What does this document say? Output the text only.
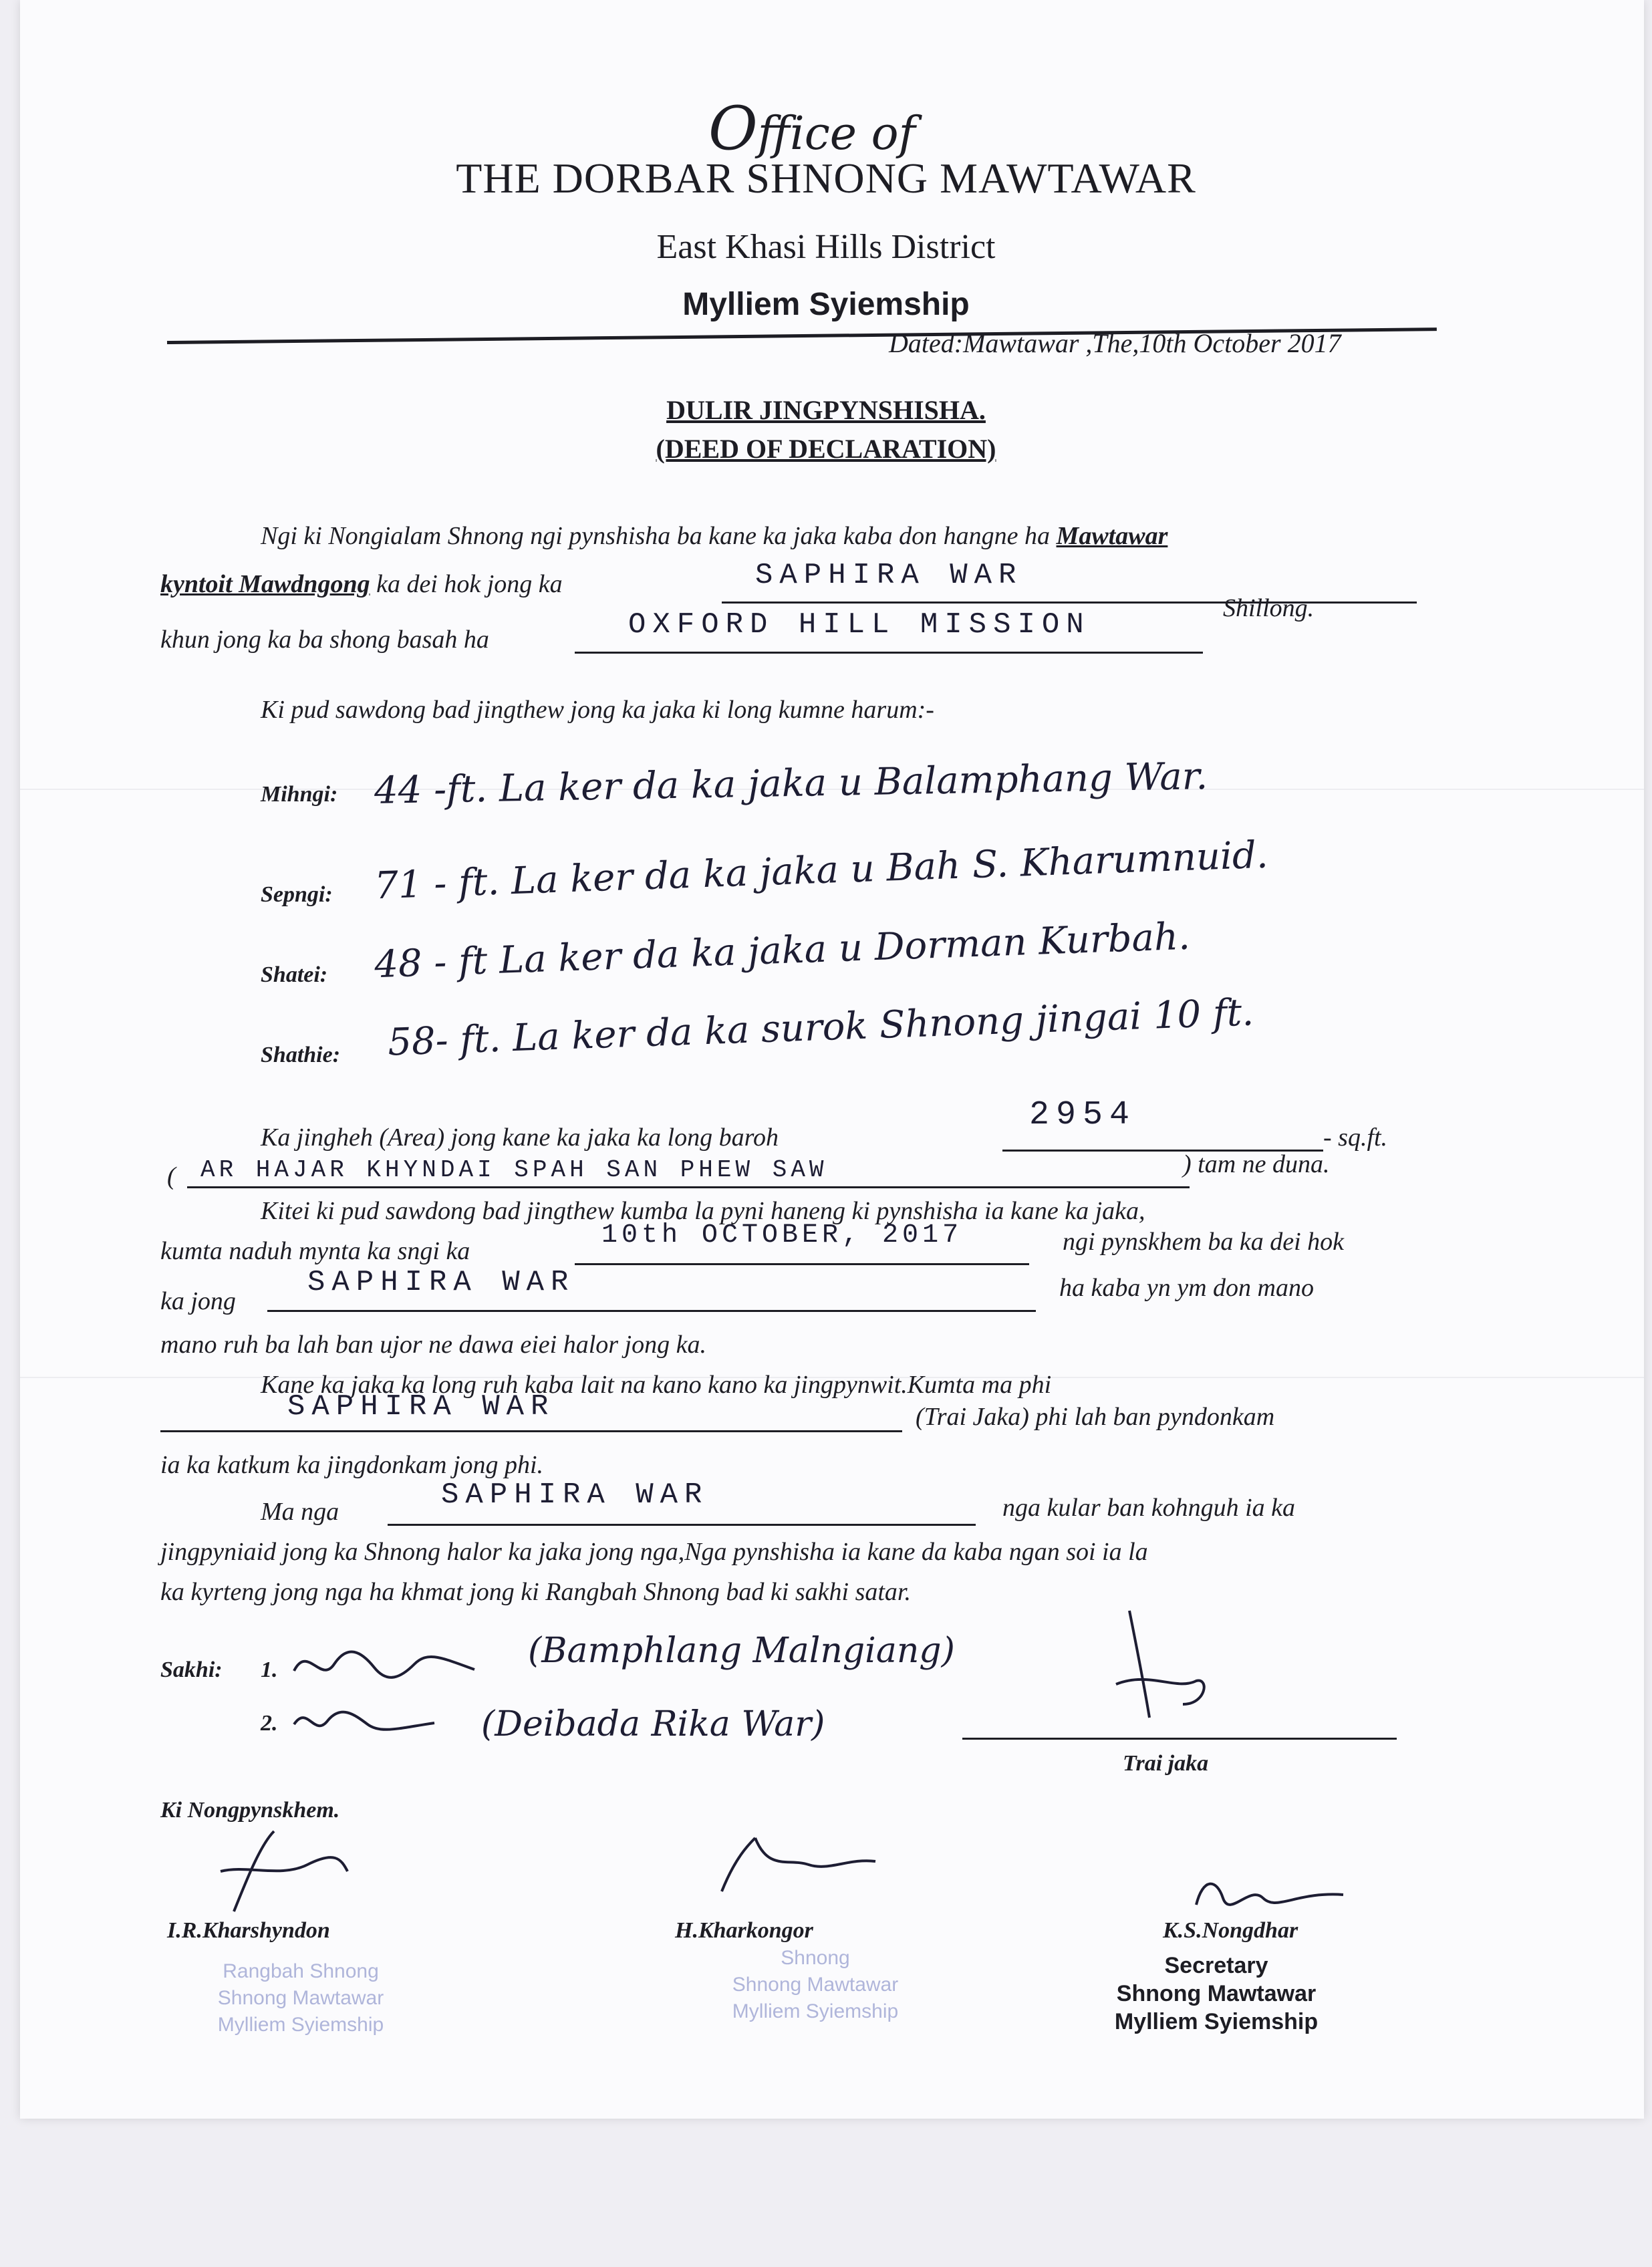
Office of
THE DORBAR SHNONG MAWTAWAR
East Khasi Hills District
Mylliem Syiemship
Dated:Mawtawar ,The,10th October 2017
DULIR JINGPYNSHISHA.
(DEED OF DECLARATION)
Ngi ki Nongialam Shnong ngi pynshisha ba kane ka jaka kaba don hangne ha Mawtawar
kyntoit Mawdngong ka dei hok jong ka	SAPHIRA WAR
khun jong ka ba shong basah ha	OXFORD HILL MISSION	Shillong.
Ki pud sawdong bad jingthew jong ka jaka ki long kumne harum:-
Mihngi: 44 -ft. La ker da ka jaka u Balamphang War.
Sepngi: 71 - ft. La ker da ka jaka u Bah S. Kharumnuid.
Shatei: 48 - ft La ker da ka jaka u Dorman Kurbah.
Shathie: 58- ft. La ker da ka surok Shnong jingai 10 ft.
Ka jingheh (Area) jong kane ka jaka ka long baroh
2954
- sq.ft.
( AR HAJAR KHYNDAI SPAH SAN PHEW SAW	) tam ne duna.
Kitei ki pud sawdong bad jingthew kumba la pyni haneng ki pynshisha ia kane ka jaka,
kumta naduh mynta ka sngi ka
10th OCTOBER, 2017	ngi pynskhem ba ka dei hok
ka jong
SAPHIRA WAR	ha kaba yn ym don mano
mano ruh ba lah ban ujor ne dawa eiei halor jong ka.
Kane ka jaka ka long ruh kaba lait na kano kano ka jingpynwit.Kumta ma phi
SAPHIRA WAR	(Trai Jaka) phi lah ban pyndonkam
ia ka katkum ka jingdonkam jong phi.
Ma nga	SAPHIRA WAR	nga kular ban kohnguh ia ka
jingpyniaid jong ka Shnong halor ka jaka jong nga,Nga pynshisha ia kane da kaba ngan soi ia la
ka kyrteng jong nga ha khmat jong ki Rangbah Shnong bad ki sakhi satar.
Sakhi: 1.	(Bamphlang Malngiang)
2.	(Deibada Rika War)
Trai jaka
Ki Nongpynskhem.
I.R.Kharshyndon
Rangbah Shnong
Shnong Mawtawar
Mylliem Syiemship
H.Kharkongor
Shnong
Shnong Mawtawar
Mylliem Syiemship
K.S.Nongdhar
Secretary
Shnong Mawtawar
Mylliem Syiemship
